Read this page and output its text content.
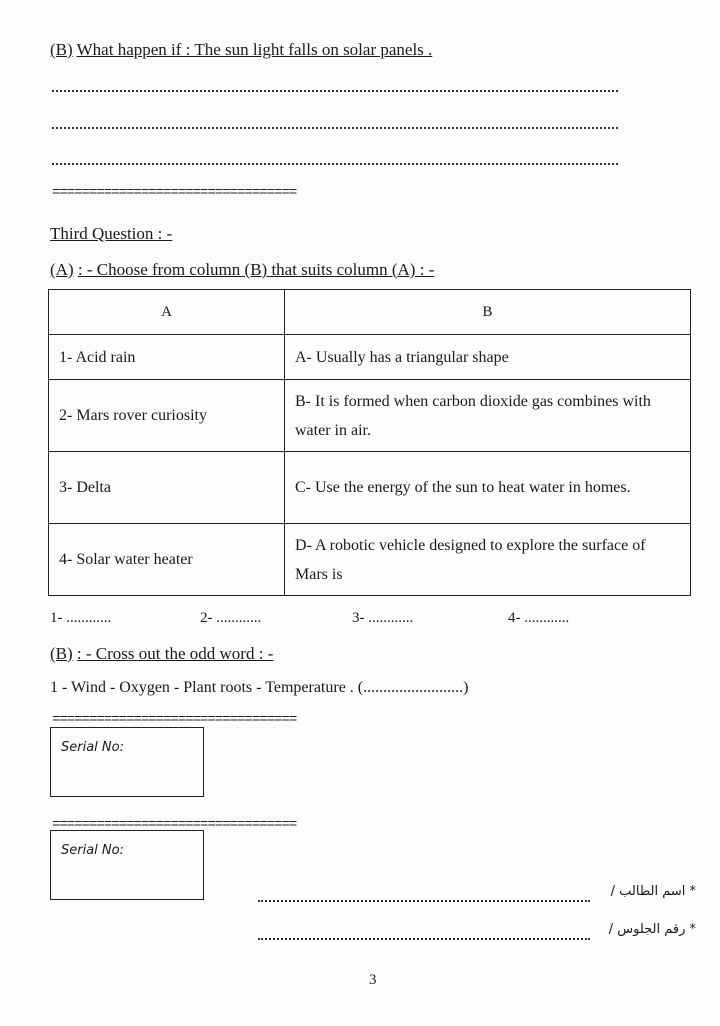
(B) What happen if : The sun light falls on solar panels .
=================================
Third Question : -
(A) : - Choose from column (B) that suits column (A) : -
A	B
1- Acid rain	A- Usually has a triangular shape
2- Mars rover curiosity	B- It is formed when carbon dioxide gas combines with water in air.
3- Delta	C- Use the energy of the sun to heat water in homes.
4- Solar water heater	D- A robotic vehicle designed to explore the surface of Mars is
1- ............	2- ............	3- ............	4- ............
(B) : - Cross out the odd word : -
1 - Wind - Oxygen - Plant roots - Temperature . (.........................)
=================================
Serial No:
=================================
Serial No:
* اسم الطالب /
* رقم الجلوس /
3
